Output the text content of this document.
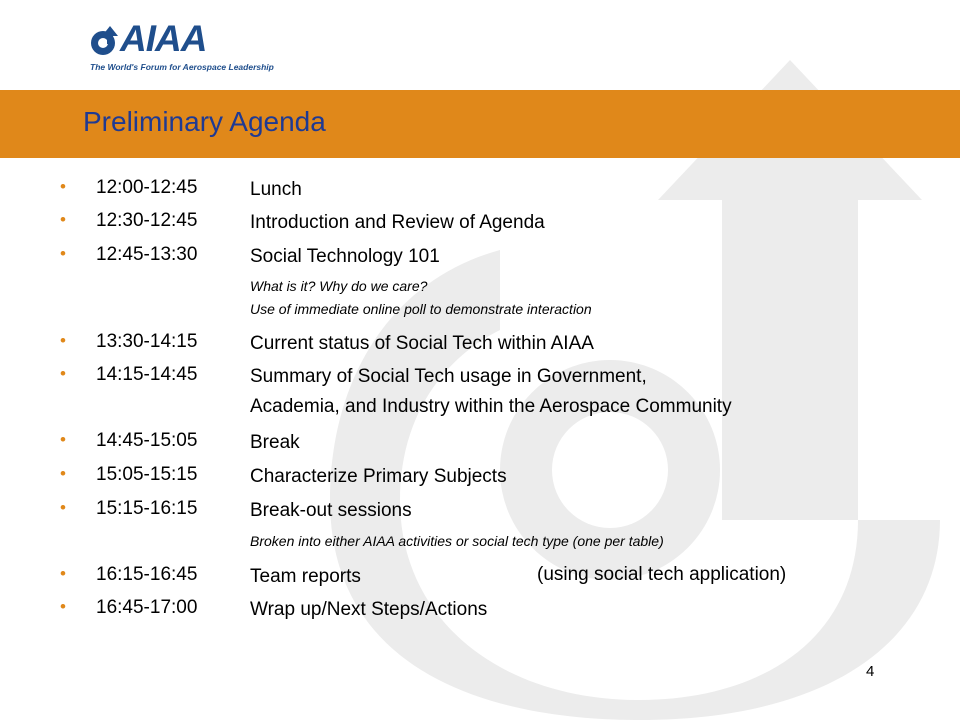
AIAA
The World's Forum for Aerospace Leadership
Preliminary Agenda
• 12:00-12:45	Lunch
• 12:30-12:45	Introduction and Review of Agenda
• 12:45-13:30	Social Technology 101
What is it? Why do we care?
Use of immediate online poll to demonstrate interaction
• 13:30-14:15	Current status of Social Tech within AIAA
• 14:15-14:45	Summary of Social Tech usage in Government,
Academia, and Industry within the Aerospace Community
• 14:45-15:05	Break
• 15:05-15:15	Characterize Primary Subjects
• 15:15-16:15	Break-out sessions
Broken into either AIAA activities or social tech type (one per table)
• 16:15-16:45	Team reports	(using social tech application)
• 16:45-17:00	Wrap up/Next Steps/Actions
4
